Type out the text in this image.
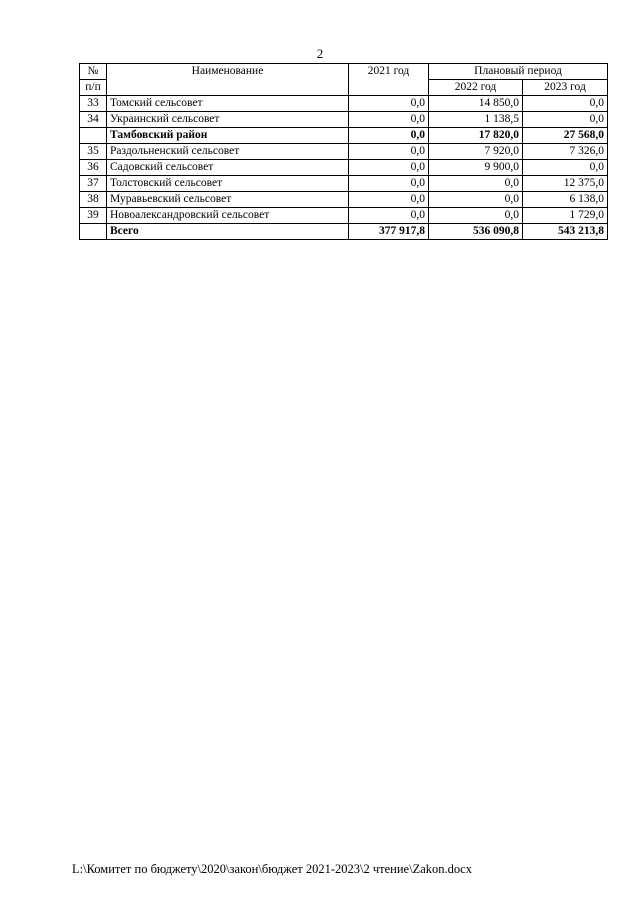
2
№	Наименование	2021 год	Плановый период	
п/п			2022 год	2023 год
33	Томский сельсовет	0,0	14 850,0	0,0
34	Украинский сельсовет	0,0	1 138,5	0,0
	Тамбовский район	0,0	17 820,0	27 568,0
35	Раздольненский сельсовет	0,0	7 920,0	7 326,0
36	Садовский сельсовет	0,0	9 900,0	0,0
37	Толстовский сельсовет	0,0	0,0	12 375,0
38	Муравьевский сельсовет	0,0	0,0	6 138,0
39	Новоалександровский сельсовет	0,0	0,0	1 729,0
	Всего	377 917,8	536 090,8	543 213,8
L:\Комитет по бюджету\2020\закон\бюджет 2021-2023\2 чтение\Zakon.docx
